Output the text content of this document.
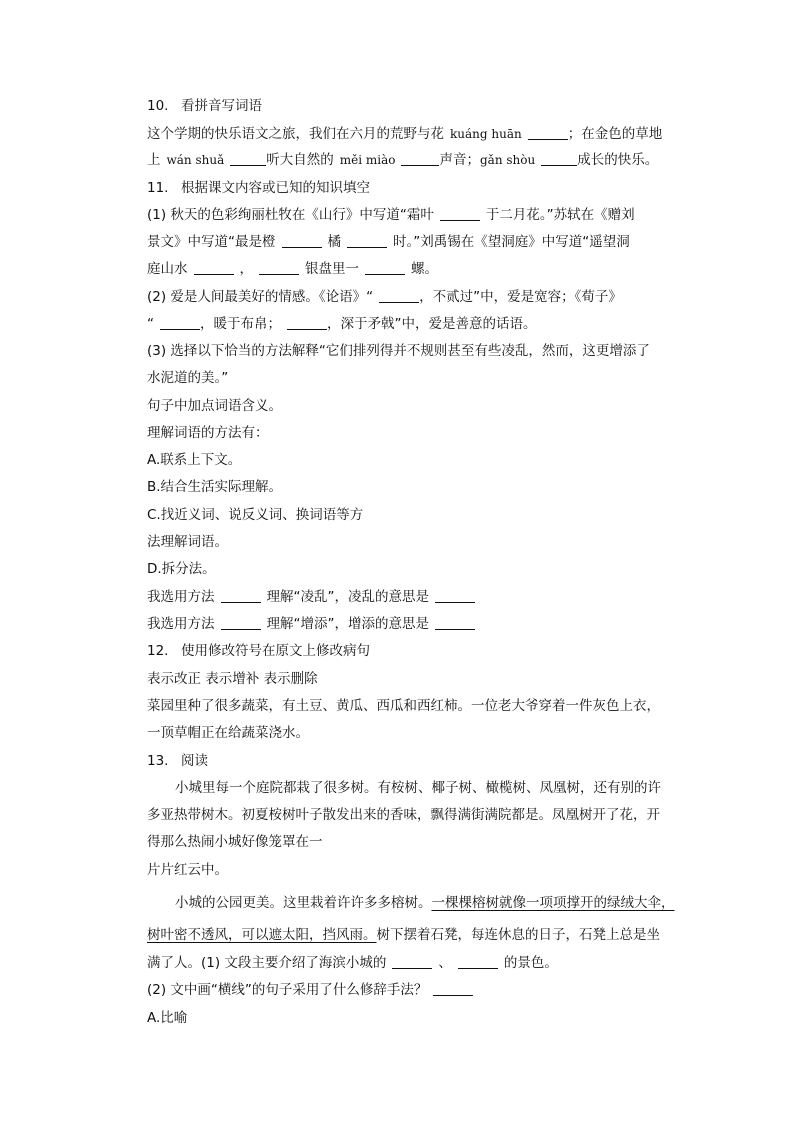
10. 看拼音写词语
这个学期的快乐语文之旅，我们在六月的荒野与花 kuáng huān	；在金色的草地
上 wán shuǎ	听大自然的 měi miào	声音；gǎn shòu	成长的快乐。
11. 根据课文内容或已知的知识填空
(1) 秋天的色彩绚丽杜牧在《山行》中写道“霜叶	于二月花。”苏轼在《赠刘
景文》中写道“最是橙	橘	时。”刘禹锡在《望洞庭》中写道“遥望洞
庭山水	，	银盘里一	螺。
(2) 爱是人间最美好的情感。《论语》“	，不贰过”中，爱是宽容；《荀子》
“	，暖于布帛；	，深于矛戟”中，爱是善意的话语。
(3) 选择以下恰当的方法解释“它们排列得并不规则甚至有些凌乱，然而，这更增添了
水泥道的美。”
句子中加点词语含义。
理解词语的方法有：
A.联系上下文。
B.结合生活实际理解。
C.找近义词、说反义词、换词语等方
法理解词语。
D.拆分法。
我选用方法	理解“凌乱”，凌乱的意思是
我选用方法	理解“增添”，增添的意思是
12. 使用修改符号在原文上修改病句
表示改正 表示增补 表示删除
菜园里种了很多蔬菜，有土豆、黄瓜、西瓜和西红柿。一位老大爷穿着一件灰色上衣，
一顶草帽正在给蔬菜浇水。
13. 阅读
小城里每一个庭院都栽了很多树。有桉树、椰子树、橄榄树、凤凰树，还有别的许
多亚热带树木。初夏桉树叶子散发出来的香味，飘得满街满院都是。凤凰树开了花，开
得那么热闹小城好像笼罩在一
片片红云中。
小城的公园更美。这里栽着许许多多榕树。一棵棵榕树就像一项项撑开的绿绒大伞，
树叶密不透风，可以遮太阳，挡风雨。树下摆着石凳，每连休息的日子，石凳上总是坐
满了人。(1) 文段主要介绍了海滨小城的	、	的景色。
(2) 文中画“横线”的句子采用了什么修辞手法？
A.比喻
